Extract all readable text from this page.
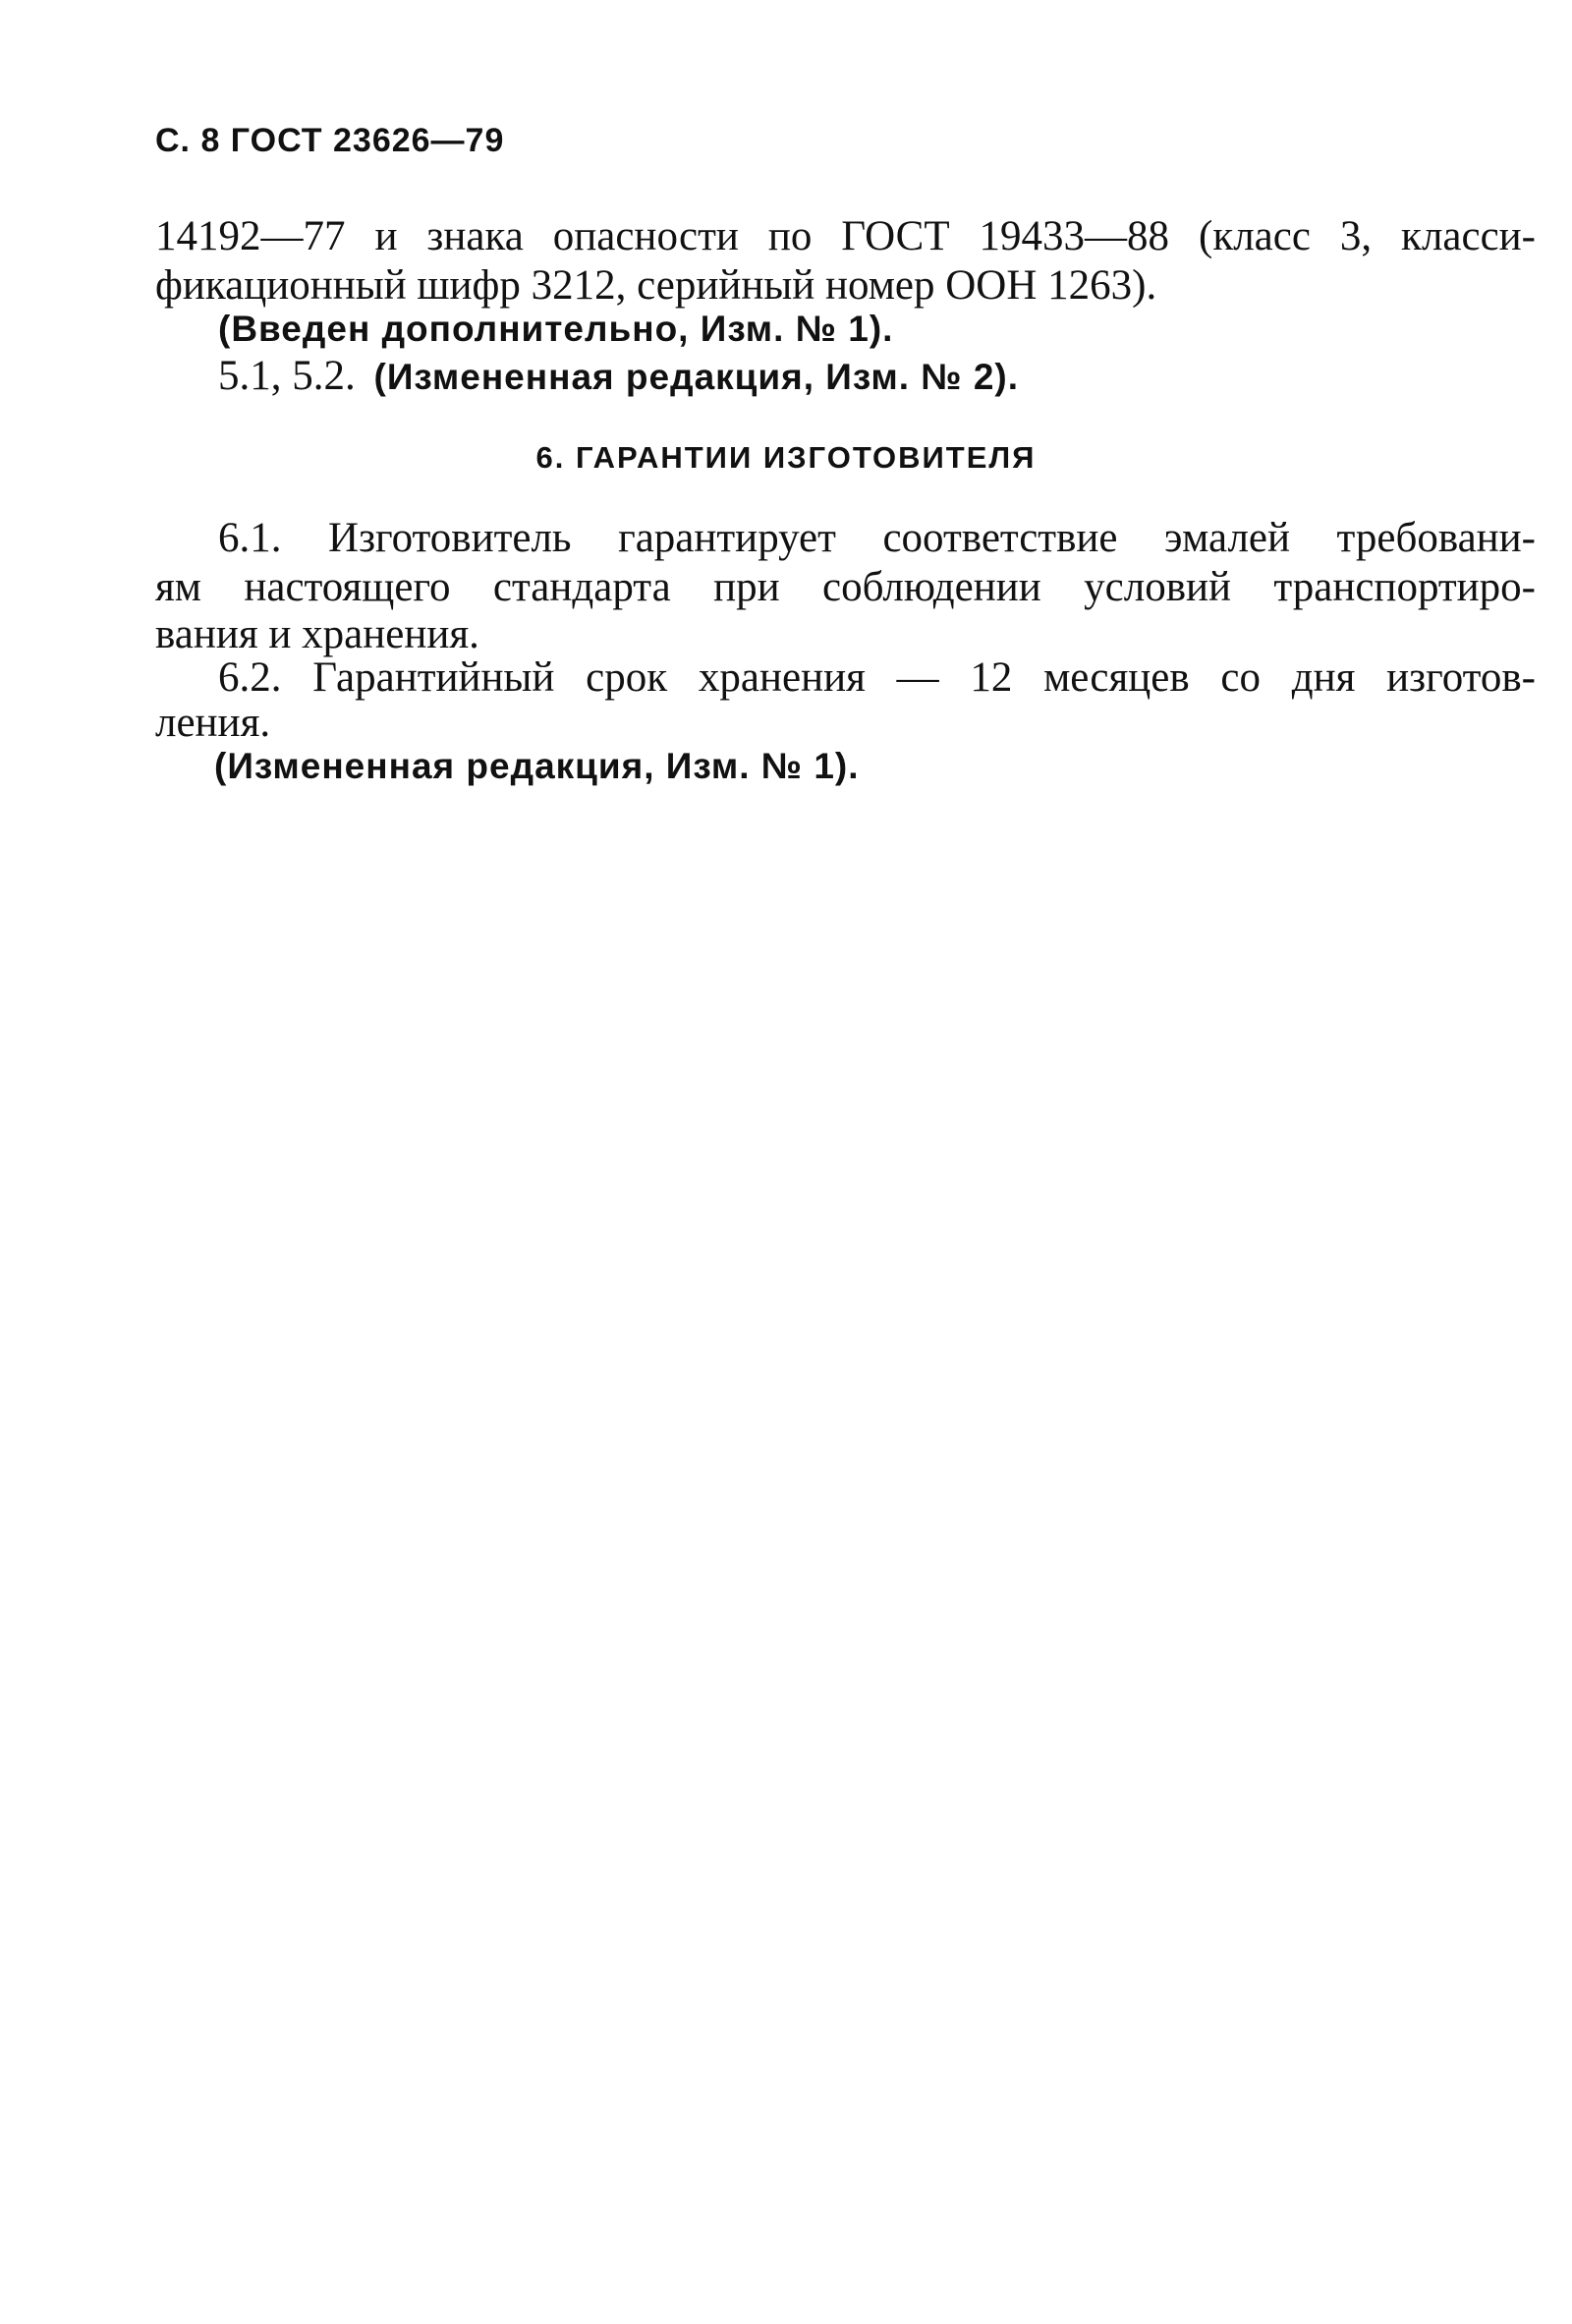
С. 8 ГОСТ 23626—79
14192—77 и знака опасности по ГОСТ 19433—88 (класс 3, класси-
фикационный шифр 3212, серийный номер ООН 1263).
(Введен дополнительно, Изм. № 1).
5.1, 5.2. (Измененная редакция, Изм. № 2).
6. ГАРАНТИИ ИЗГОТОВИТЕЛЯ
6.1. Изготовитель гарантирует соответствие эмалей требовани-
ям настоящего стандарта при соблюдении условий транспортиро-
вания и хранения.
6.2. Гарантийный срок хранения — 12 месяцев со дня изготов-
ления.
(Измененная редакция, Изм. № 1).
